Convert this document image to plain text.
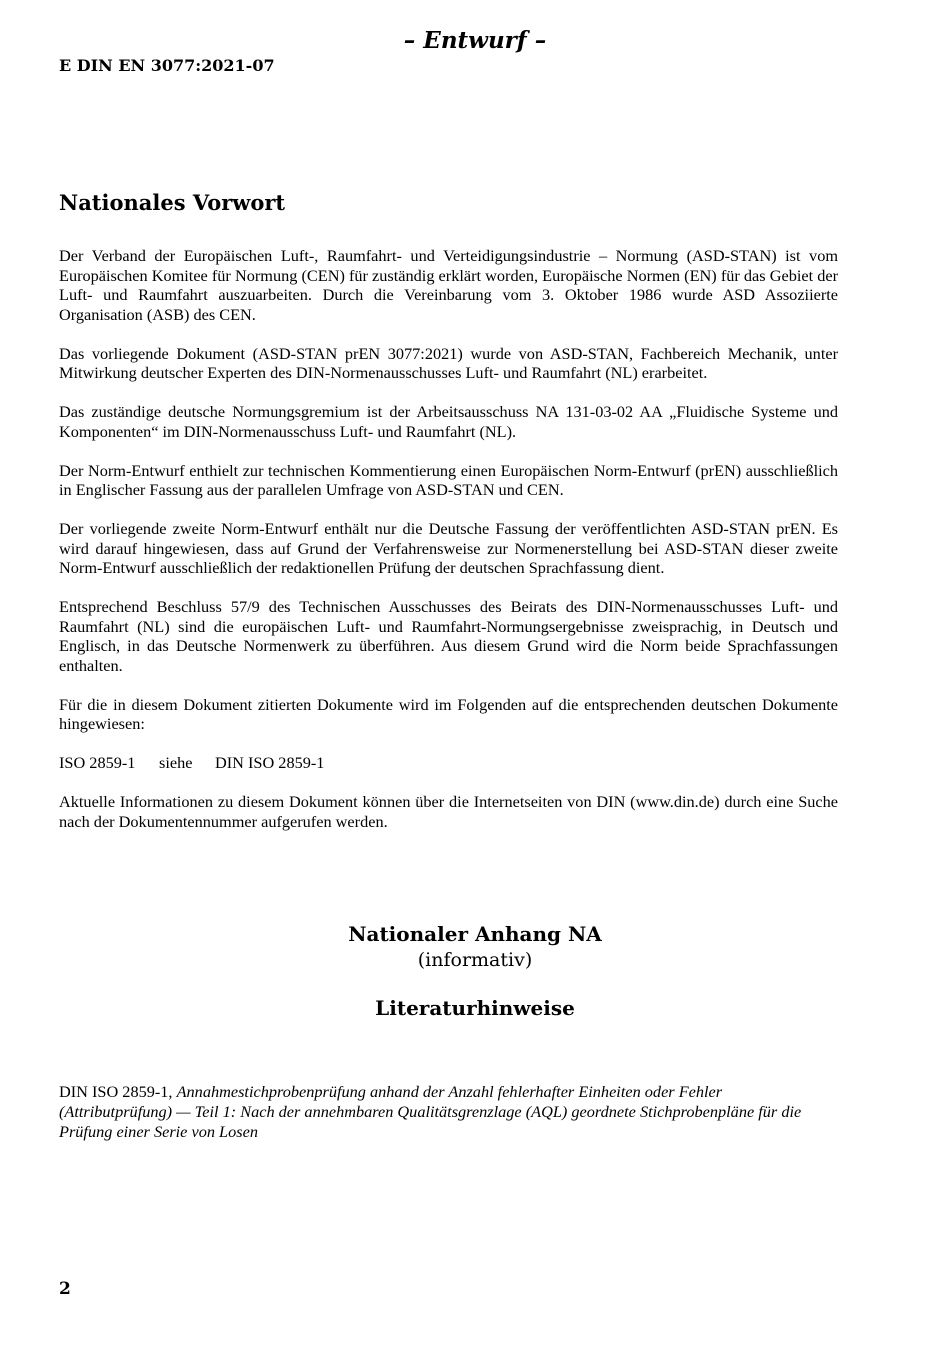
– Entwurf –
E DIN EN 3077:2021-07
Nationales Vorwort

Der Verband der Europäischen Luft-, Raumfahrt- und Verteidigungsindustrie – Normung (ASD-STAN) ist vom Europäischen Komitee für Normung (CEN) für zuständig erklärt worden, Europäische Normen (EN) für das Gebiet der Luft- und Raumfahrt auszuarbeiten. Durch die Vereinbarung vom 3. Oktober 1986 wurde ASD Assoziierte Organisation (ASB) des CEN.

Das vorliegende Dokument (ASD-STAN prEN 3077:2021) wurde von ASD-STAN, Fachbereich Mechanik, unter Mitwirkung deutscher Experten des DIN-Normenausschusses Luft- und Raumfahrt (NL) erarbeitet.

Das zuständige deutsche Normungsgremium ist der Arbeitsausschuss NA 131-03-02 AA „Fluidische Systeme und Komponenten“ im DIN-Normenausschuss Luft- und Raumfahrt (NL).

Der Norm-Entwurf enthielt zur technischen Kommentierung einen Europäischen Norm-Entwurf (prEN) ausschließlich in Englischer Fassung aus der parallelen Umfrage von ASD-STAN und CEN.

Der vorliegende zweite Norm-Entwurf enthält nur die Deutsche Fassung der veröffentlichten ASD-STAN prEN. Es wird darauf hingewiesen, dass auf Grund der Verfahrensweise zur Normenerstellung bei ASD-STAN dieser zweite Norm-Entwurf ausschließlich der redaktionellen Prüfung der deutschen Sprachfassung dient.

Entsprechend Beschluss 57/9 des Technischen Ausschusses des Beirats des DIN-Normenausschusses Luft- und Raumfahrt (NL) sind die europäischen Luft- und Raumfahrt-Normungsergebnisse zweisprachig, in Deutsch und Englisch, in das Deutsche Normenwerk zu überführen. Aus diesem Grund wird die Norm beide Sprachfassungen enthalten.

Für die in diesem Dokument zitierten Dokumente wird im Folgenden auf die entsprechenden deutschen Dokumente hingewiesen:

ISO 2859-1 siehe DIN ISO 2859-1

Aktuelle Informationen zu diesem Dokument können über die Internetseiten von DIN (www.din.de) durch eine Suche nach der Dokumentennummer aufgerufen werden.

Nationaler Anhang NA
(informativ)
Literaturhinweise
DIN ISO 2859-1, Annahmestichprobenprüfung anhand der Anzahl fehlerhafter Einheiten oder Fehler (Attributprüfung) — Teil 1: Nach der annehmbaren Qualitätsgrenzlage (AQL) geordnete Stichprobenpläne für die Prüfung einer Serie von Losen
2
